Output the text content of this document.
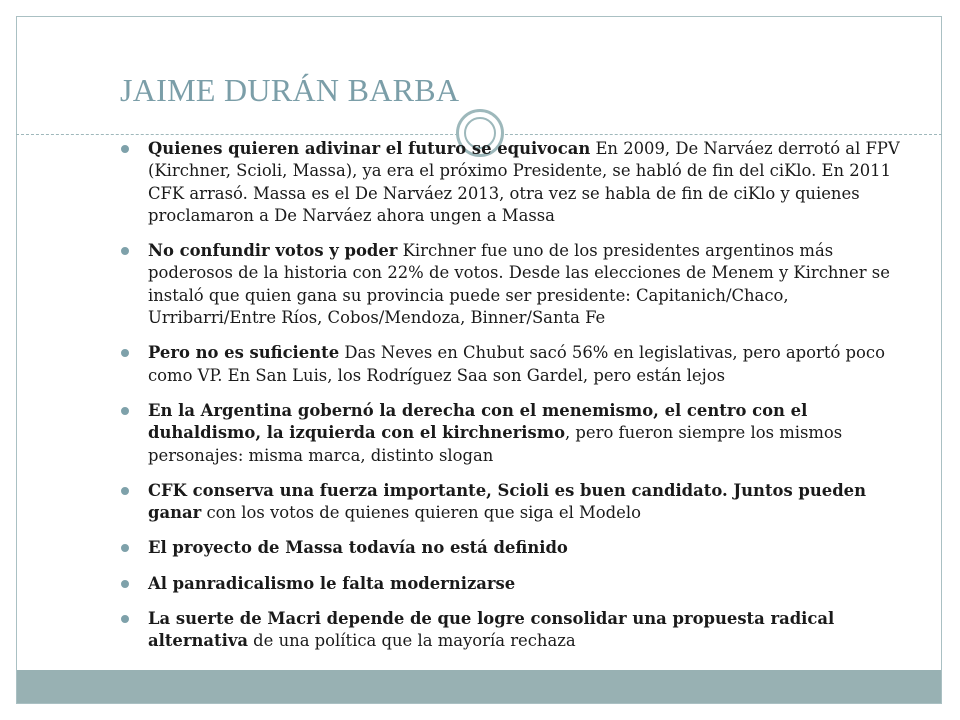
JAIME DURÁN BARBA
Quienes quieren adivinar el futuro se equivocan En 2009, De Narváez derrotó al FPV (Kirchner, Scioli, Massa), ya era el próximo Presidente, se habló de fin del ciKlo. En 2011 CFK arrasó. Massa es el De Narváez 2013, otra vez se habla de fin de ciKlo y quienes proclamaron a De Narváez ahora ungen a Massa
No confundir votos y poder Kirchner fue uno de los presidentes argentinos más poderosos de la historia con 22% de votos. Desde las elecciones de Menem y Kirchner se instaló que quien gana su provincia puede ser presidente: Capitanich/Chaco, Urribarri/Entre Ríos, Cobos/Mendoza, Binner/Santa Fe
Pero no es suficiente Das Neves en Chubut sacó 56% en legislativas, pero aportó poco como VP. En San Luis, los Rodríguez Saa son Gardel, pero están lejos
En la Argentina gobernó la derecha con el menemismo, el centro con el duhaldismo, la izquierda con el kirchnerismo, pero fueron siempre los mismos personajes: misma marca, distinto slogan
CFK conserva una fuerza importante, Scioli es buen candidato. Juntos pueden ganar con los votos de quienes quieren que siga el Modelo
El proyecto de Massa todavía no está definido
Al panradicalismo le falta modernizarse
La suerte de Macri depende de que logre consolidar una propuesta radical alternativa de una política que la mayoría rechaza
